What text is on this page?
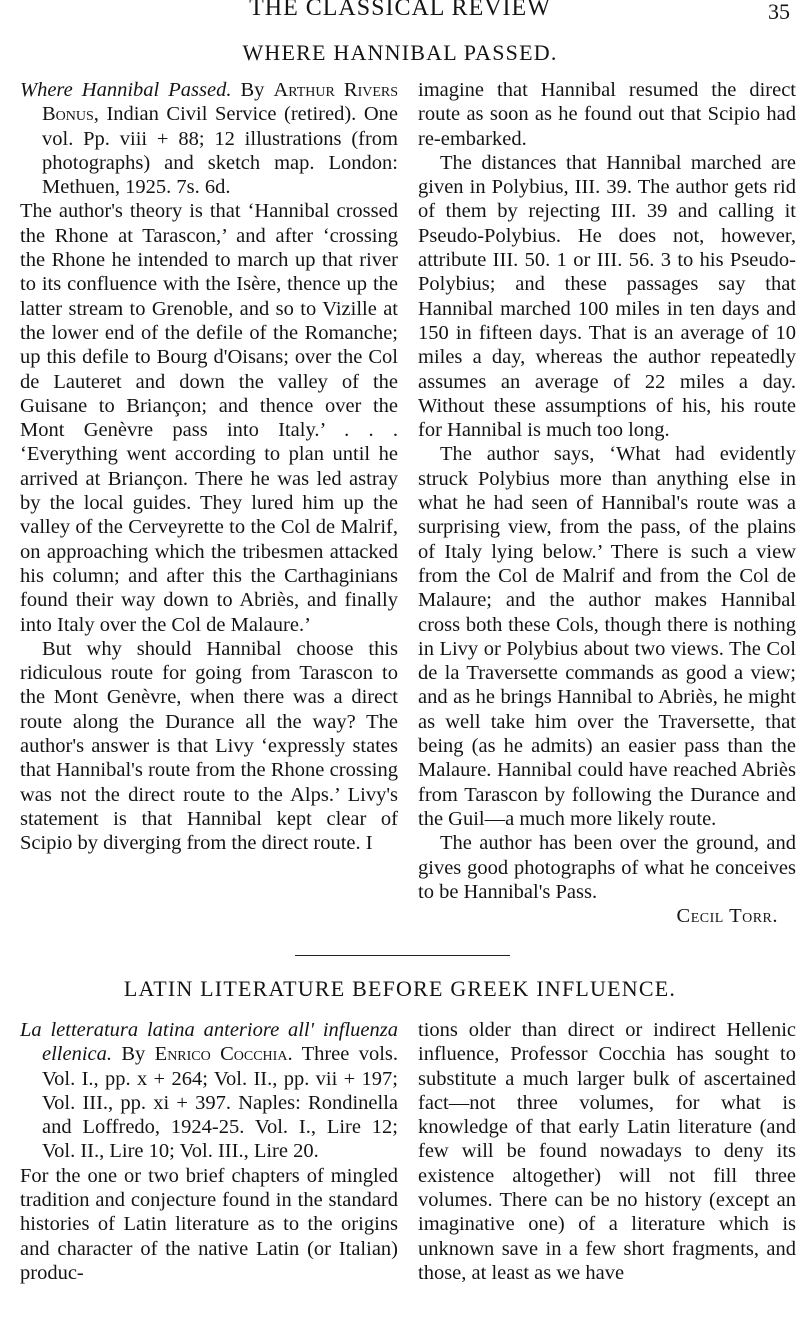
THE CLASSICAL REVIEW	35
WHERE HANNIBAL PASSED.

Where Hannibal Passed. By Arthur Rivers Bonus, Indian Civil Service (retired). One vol. Pp. viii + 88; 12 illustrations (from photographs) and sketch map. London: Methuen, 1925. 7s. 6d.

The author's theory is that ‘Hannibal crossed the Rhone at Tarascon,’ and after ‘crossing the Rhone he intended to march up that river to its confluence with the Isère, thence up the latter stream to Grenoble, and so to Vizille at the lower end of the defile of the Romanche; up this defile to Bourg d'Oisans; over the Col de Lauteret and down the valley of the Guisane to Briançon; and thence over the Mont Genèvre pass into Italy.’ . . . ‘Everything went according to plan until he arrived at Briançon. There he was led astray by the local guides. They lured him up the valley of the Cerveyrette to the Col de Malrif, on approaching which the tribesmen attacked his column; and after this the Carthaginians found their way down to Abriès, and finally into Italy over the Col de Malaure.’

But why should Hannibal choose this ridiculous route for going from Tarascon to the Mont Genèvre, when there was a direct route along the Durance all the way? The author's answer is that Livy ‘expressly states that Hannibal's route from the Rhone crossing was not the direct route to the Alps.’ Livy's statement is that Hannibal kept clear of Scipio by diverging from the direct route. I

imagine that Hannibal resumed the direct route as soon as he found out that Scipio had re-embarked.

The distances that Hannibal marched are given in Polybius, III. 39. The author gets rid of them by rejecting III. 39 and calling it Pseudo-Polybius. He does not, however, attribute III. 50. 1 or III. 56. 3 to his Pseudo-Polybius; and these passages say that Hannibal marched 100 miles in ten days and 150 in fifteen days. That is an average of 10 miles a day, whereas the author repeatedly assumes an average of 22 miles a day. Without these assumptions of his, his route for Hannibal is much too long.

The author says, ‘What had evidently struck Polybius more than anything else in what he had seen of Hannibal's route was a surprising view, from the pass, of the plains of Italy lying below.’ There is such a view from the Col de Malrif and from the Col de Malaure; and the author makes Hannibal cross both these Cols, though there is nothing in Livy or Polybius about two views. The Col de la Traversette commands as good a view; and as he brings Hannibal to Abriès, he might as well take him over the Traversette, that being (as he admits) an easier pass than the Malaure. Hannibal could have reached Abriès from Tarascon by following the Durance and the Guil—a much more likely route.

The author has been over the ground, and gives good photographs of what he conceives to be Hannibal's Pass.

Cecil Torr.

LATIN LITERATURE BEFORE GREEK INFLUENCE.

La letteratura latina anteriore all' influenza ellenica. By Enrico Cocchia. Three vols. Vol. I., pp. x + 264; Vol. II., pp. vii + 197; Vol. III., pp. xi + 397. Naples: Rondinella and Loffredo, 1924-25. Vol. I., Lire 12; Vol. II., Lire 10; Vol. III., Lire 20.

For the one or two brief chapters of mingled tradition and conjecture found in the standard histories of Latin literature as to the origins and character of the native Latin (or Italian) produc-

tions older than direct or indirect Hellenic influence, Professor Cocchia has sought to substitute a much larger bulk of ascertained fact—not three volumes, for what is knowledge of that early Latin literature (and few will be found nowadays to deny its existence altogether) will not fill three volumes. There can be no history (except an imaginative one) of a literature which is unknown save in a few short fragments, and those, at least as we have
